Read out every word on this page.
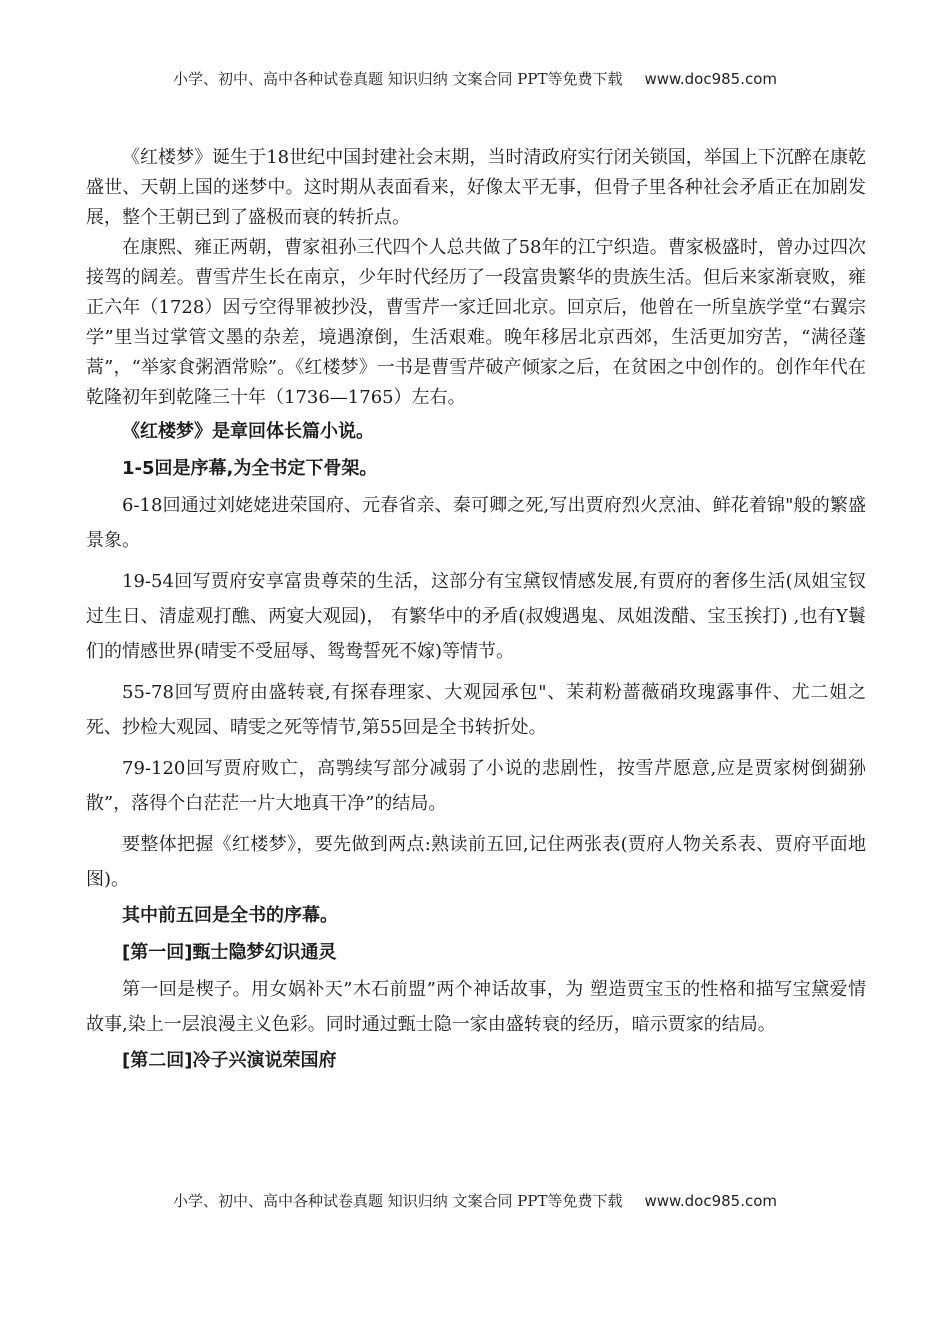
小学、初中、高中各种试卷真题 知识归纳 文案合同 PPT等免费下载 www.doc985.com

《红楼梦》诞生于18世纪中国封建社会末期，当时清政府实行闭关锁国，举国上下沉醉在康乾盛世、天朝上国的迷梦中。这时期从表面看来，好像太平无事，但骨子里各种社会矛盾正在加剧发展，整个王朝已到了盛极而衰的转折点。

在康熙、雍正两朝，曹家祖孙三代四个人总共做了58年的江宁织造。曹家极盛时，曾办过四次接驾的阔差。曹雪芹生长在南京，少年时代经历了一段富贵繁华的贵族生活。但后来家渐衰败，雍正六年（1728）因亏空得罪被抄没，曹雪芹一家迁回北京。回京后，他曾在一所皇族学堂“右翼宗学”里当过掌管文墨的杂差，境遇潦倒，生活艰难。晚年移居北京西郊，生活更加穷苦，“满径蓬蒿”，“举家食粥酒常赊”。《红楼梦》一书是曹雪芹破产倾家之后，在贫困之中创作的。创作年代在乾隆初年到乾隆三十年（1736—1765）左右。

《红楼梦》是章回体长篇小说。

1-5回是序幕,为全书定下骨架。

6-18回通过刘姥姥进荣国府、元春省亲、秦可卿之死,写出贾府烈火烹油、鲜花着锦"般的繁盛景象。

19-54回写贾府安享富贵尊荣的生活，这部分有宝黛钗情感发展,有贾府的奢侈生活(凤姐宝钗过生日、清虚观打醮、两宴大观园)， 有繁华中的矛盾(叔嫂遇鬼、凤姐泼醋、宝玉挨打) ,也有Y鬟们的情感世界(晴雯不受屈辱、鸳鸯誓死不嫁)等情节。

55-78回写贾府由盛转衰,有探春理家、大观园承包"、茉莉粉蔷薇硝玫瑰露事件、尤二姐之死、抄检大观园、晴雯之死等情节,第55回是全书转折处。

79-120回写贾府败亡，高鹗续写部分减弱了小说的悲剧性，按雪芹愿意,应是贾家树倒猢狲散”，落得个白茫茫一片大地真干净”的结局。

要整体把握《红楼梦》，要先做到两点:熟读前五回,记住两张表(贾府人物关系表、贾府平面地图)。

其中前五回是全书的序幕。

[第一回]甄士隐梦幻识通灵

第一回是楔子。用女娲补天”木石前盟”两个神话故事，为 塑造贾宝玉的性格和描写宝黛爱情故事,染上一层浪漫主义色彩。同时通过甄士隐一家由盛转衰的经历，暗示贾家的结局。

[第二回]冷子兴演说荣国府

小学、初中、高中各种试卷真题 知识归纳 文案合同 PPT等免费下载 www.doc985.com
